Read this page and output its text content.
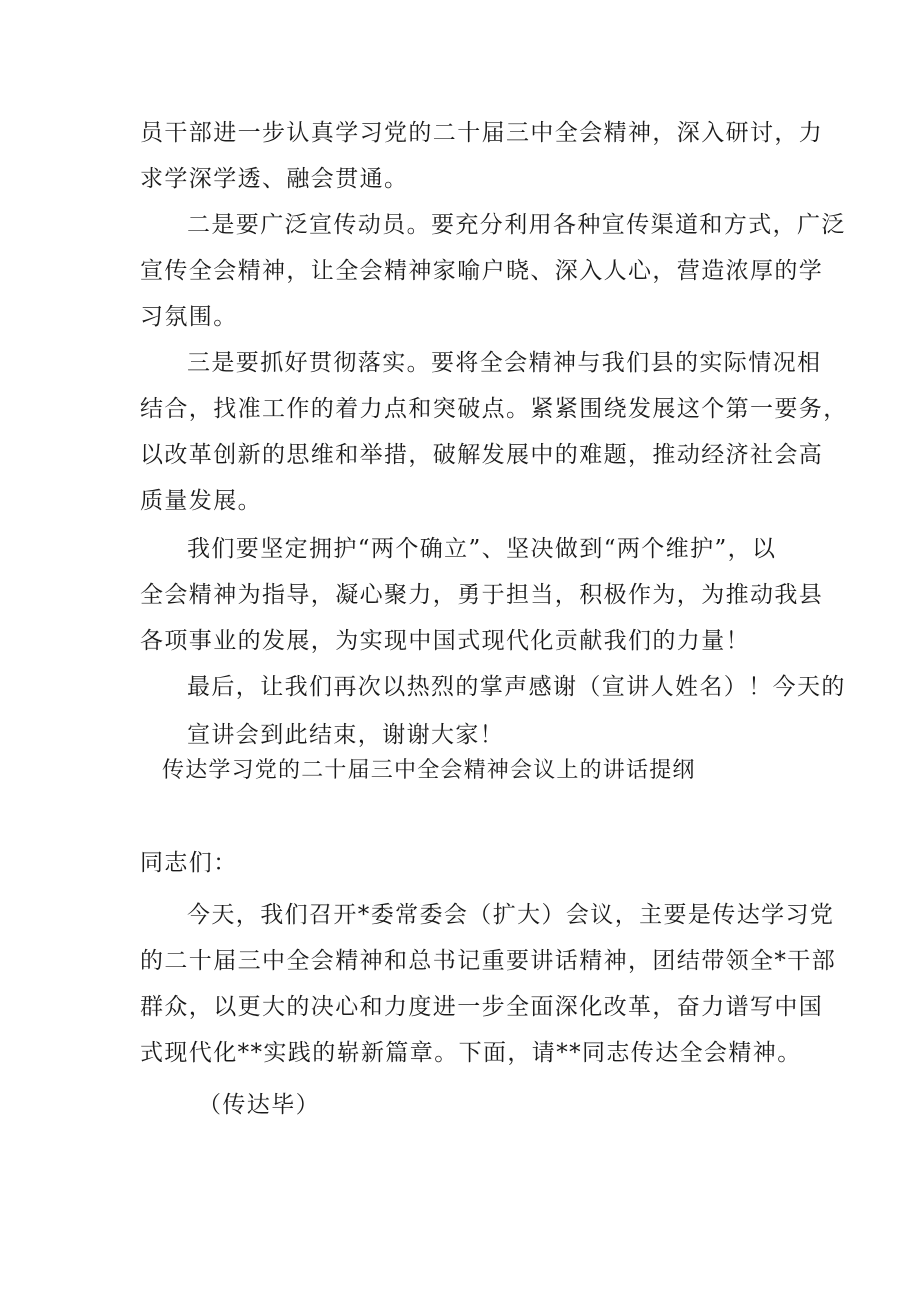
员干部进一步认真学习党的二十届三中全会精神，深入研讨，力
求学深学透、融会贯通。
二是要广泛宣传动员。要充分利用各种宣传渠道和方式，广泛
宣传全会精神，让全会精神家喻户晓、深入人心，营造浓厚的学
习氛围。
三是要抓好贯彻落实。要将全会精神与我们县的实际情况相
结合，找准工作的着力点和突破点。紧紧围绕发展这个第一要务，
以改革创新的思维和举措，破解发展中的难题，推动经济社会高
质量发展。
我们要坚定拥护“两个确立”、坚决做到“两个维护”，以
全会精神为指导，凝心聚力，勇于担当，积极作为，为推动我县
各项事业的发展，为实现中国式现代化贡献我们的力量！
最后，让我们再次以热烈的掌声感谢（宣讲人姓名）！今天的
宣讲会到此结束，谢谢大家！
传达学习党的二十届三中全会精神会议上的讲话提纲
同志们：
今天，我们召开*委常委会（扩大）会议，主要是传达学习党
的二十届三中全会精神和总书记重要讲话精神，团结带领全*干部
群众，以更大的决心和力度进一步全面深化改革，奋力谱写中国
式现代化**实践的崭新篇章。下面，请**同志传达全会精神。
（传达毕）
